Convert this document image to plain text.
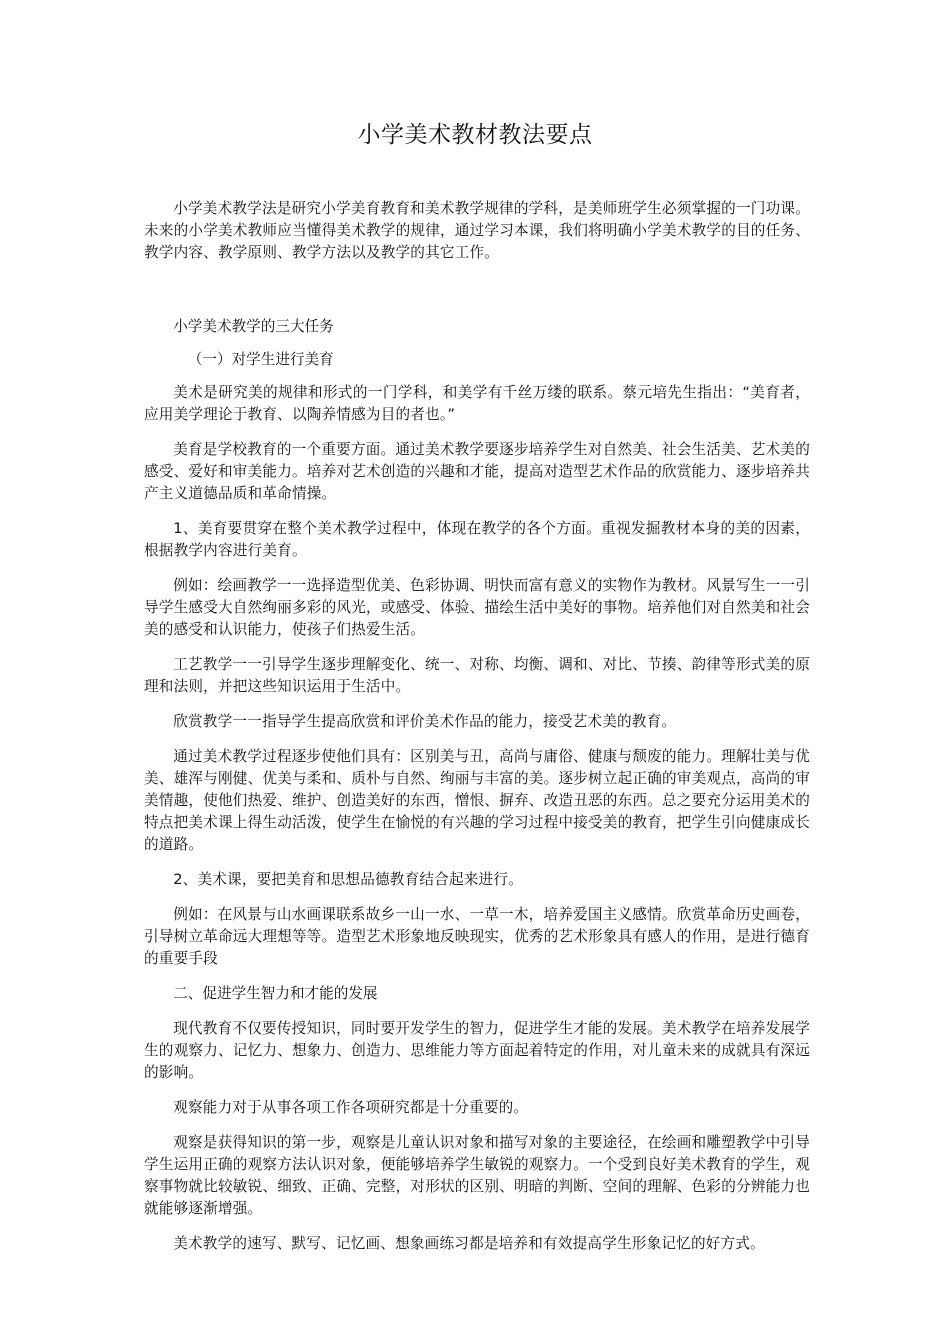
小学美术教材教法要点

小学美术教学法是研究小学美育教育和美术教学规律的学科，是美师班学生必须掌握的一门功课。未来的小学美术教师应当懂得美术教学的规律，通过学习本课，我们将明确小学美术教学的目的任务、教学内容、教学原则、教学方法以及教学的其它工作。

小学美术教学的三大任务

（一）对学生进行美育

美术是研究美的规律和形式的一门学科，和美学有千丝万缕的联系。蔡元培先生指出：“美育者，应用美学理论于教育、以陶养情感为目的者也。”

美育是学校教育的一个重要方面。通过美术教学要逐步培养学生对自然美、社会生活美、艺术美的感受、爱好和审美能力。培养对艺术创造的兴趣和才能，提高对造型艺术作品的欣赏能力、逐步培养共产主义道德品质和革命情操。

1、美育要贯穿在整个美术教学过程中，体现在教学的各个方面。重视发掘教材本身的美的因素，根据教学内容进行美育。

例如：绘画教学一一选择造型优美、色彩协调、明快而富有意义的实物作为教材。风景写生一一引导学生感受大自然绚丽多彩的风光，或感受、体验、描绘生活中美好的事物。培养他们对自然美和社会美的感受和认识能力，使孩子们热爱生活。

工艺教学一一引导学生逐步理解变化、统一、对称、均衡、调和、对比、节揍、韵律等形式美的原理和法则，并把这些知识运用于生活中。

欣赏教学一一指导学生提高欣赏和评价美术作品的能力，接受艺术美的教育。

通过美术教学过程逐步使他们具有：区别美与丑，高尚与庸俗、健康与颓废的能力。理解壮美与优美、雄浑与刚健、优美与柔和、质朴与自然、绚丽与丰富的美。逐步树立起正确的审美观点，高尚的审美情趣，使他们热爱、维护、创造美好的东西，憎恨、摒弃、改造丑恶的东西。总之要充分运用美术的特点把美术课上得生动活泼，使学生在愉悦的有兴趣的学习过程中接受美的教育，把学生引向健康成长的道路。

2、美术课，要把美育和思想品德教育结合起来进行。

例如：在风景与山水画课联系故乡一山一水、一草一木，培养爱国主义感情。欣赏革命历史画卷，引导树立革命远大理想等等。造型艺术形象地反映现实，优秀的艺术形象具有感人的作用，是进行德育的重要手段

二、促进学生智力和才能的发展

现代教育不仅要传授知识，同时要开发学生的智力，促进学生才能的发展。美术教学在培养发展学生的观察力、记忆力、想象力、创造力、思维能力等方面起着特定的作用，对儿童未来的成就具有深远的影响。

观察能力对于从事各项工作各项研究都是十分重要的。

观察是获得知识的第一步，观察是儿童认识对象和描写对象的主要途径，在绘画和雕塑教学中引导学生运用正确的观察方法认识对象，便能够培养学生敏锐的观察力。一个受到良好美术教育的学生，观察事物就比较敏锐、细致、正确、完整，对形状的区别、明暗的判断、空间的理解、色彩的分辨能力也就能够逐渐增强。

美术教学的速写、默写、记忆画、想象画练习都是培养和有效提高学生形象记忆的好方式。
